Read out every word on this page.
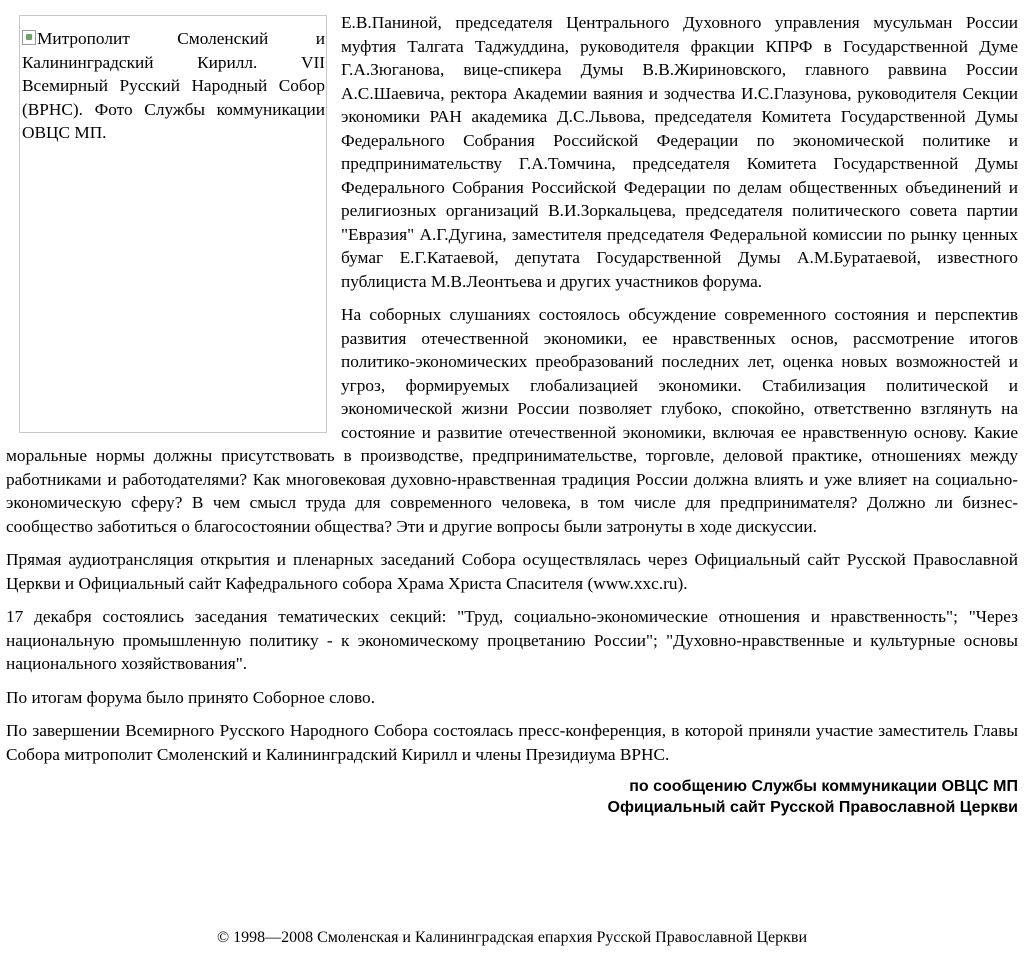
Митрополит Смоленский и Калининградский Кирилл. VII Всемирный Русский Народный Собор (ВРНС). Фото Службы коммуникации ОВЦС МП.

Е.В.Паниной, председателя Центрального Духовного управления мусульман России муфтия Талгата Таджуддина, руководителя фракции КПРФ в Государственной Думе Г.А.Зюганова, вице-спикера Думы В.В.Жириновского, главного раввина России А.С.Шаевича, ректора Академии ваяния и зодчества И.С.Глазунова, руководителя Секции экономики РАН академика Д.С.Львова, председателя Комитета Государственной Думы Федерального Собрания Российской Федерации по экономической политике и предпринимательству Г.А.Томчина, председателя Комитета Государственной Думы Федерального Собрания Российской Федерации по делам общественных объединений и религиозных организаций В.И.Зоркальцева, председателя политического совета партии "Евразия" А.Г.Дугина, заместителя председателя Федеральной комиссии по рынку ценных бумаг Е.Г.Катаевой, депутата Государственной Думы А.М.Буратаевой, известного публициста М.В.Леонтьева и других участников форума.

На соборных слушаниях состоялось обсуждение современного состояния и перспектив развития отечественной экономики, ее нравственных основ, рассмотрение итогов политико-экономических преобразований последних лет, оценка новых возможностей и угроз, формируемых глобализацией экономики. Стабилизация политической и экономической жизни России позволяет глубоко, спокойно, ответственно взглянуть на состояние и развитие отечественной экономики, включая ее нравственную основу. Какие моральные нормы должны присутствовать в производстве, предпринимательстве, торговле, деловой практике, отношениях между работниками и работодателями? Как многовековая духовно-нравственная традиция России должна влиять и уже влияет на социально-экономическую сферу? В чем смысл труда для современного человека, в том числе для предпринимателя? Должно ли бизнес-сообщество заботиться о благосостоянии общества? Эти и другие вопросы были затронуты в ходе дискуссии.

Прямая аудиотрансляция открытия и пленарных заседаний Собора осуществлялась через Официальный сайт Русской Православной Церкви и Официальный сайт Кафедрального собора Храма Христа Спасителя (www.xxc.ru).

17 декабря состоялись заседания тематических секций: "Труд, социально-экономические отношения и нравственность"; "Через национальную промышленную политику - к экономическому процветанию России"; "Духовно-нравственные и культурные основы национального хозяйствования".

По итогам форума было принято Соборное слово.

По завершении Всемирного Русского Народного Собора состоялась пресс-конференция, в которой приняли участие заместитель Главы Собора митрополит Смоленский и Калининградский Кирилл и члены Президиума ВРНС.

по сообщению Службы коммуникации ОВЦС МП
Официальный сайт Русской Православной Церкви
© 1998—2008 Смоленская и Калининградская епархия Русской Православной Церкви
